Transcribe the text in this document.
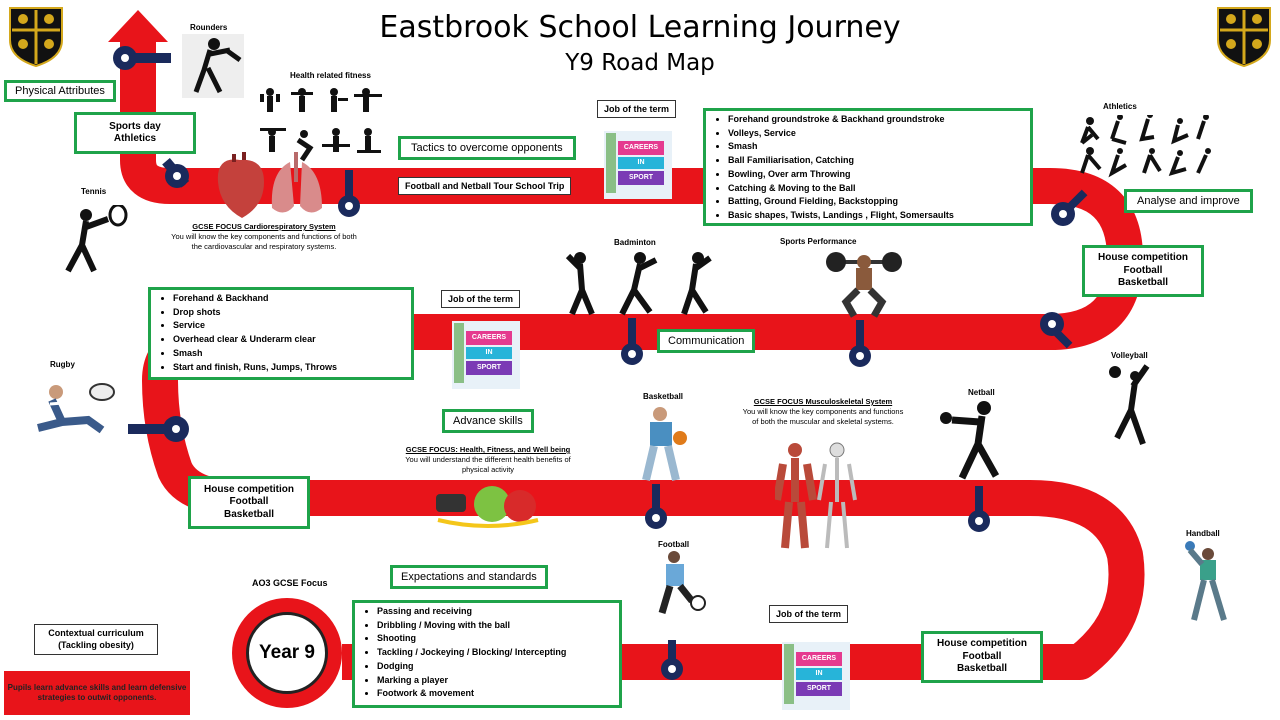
Eastbrook School Learning Journey
Y9 Road Map
Rounders
Health related fitness
Tennis
Athletics
Badminton	Sports Performance
Rugby
Volleyball
Basketball	Netball
Football
Handball
CAREERS
IN
SPORT
CAREERS
IN
SPORT
CAREERS
IN
SPORT
Physical Attributes
Sports day
Athletics
Tactics to overcome opponents
Football and Netball Tour School Trip
Job of the term
Job of the term
Job of the term
• Forehand groundstroke & Backhand groundstroke
• Volleys, Service
• Smash
• Ball Familiarisation, Catching
• Bowling, Over arm Throwing
• Catching & Moving to the Ball
• Batting, Ground Fielding, Backstopping
• Basic shapes, Twists, Landings , Flight, Somersaults
Analyse and improve
House competition
Football
Basketball
• Forehand & Backhand
• Drop shots
• Service
• Overhead clear & Underarm clear
• Smash
• Start and finish, Runs, Jumps, Throws
Communication
Advance skills
House competition
Football
Basketball
Expectations and standards
• Passing and receiving
• Dribbling / Moving with the ball
• Shooting
• Tackling / Jockeying / Blocking/ Intercepting
• Dodging
• Marking a player
• Footwork & movement
House competition
Football
Basketball
GCSE FOCUS Cardiorespiratory System
You will know the key components and functions of both the cardiovascular and respiratory systems.
GCSE FOCUS Musculoskeletal System
You will know the key components and functions of both the muscular and skeletal systems.
GCSE FOCUS: Health, Fitness, and Well being
You will understand the different health benefits of physical activity
AO3 GCSE Focus
Year 9
Contextual curriculum
(Tackling obesity)
Pupils learn advance skills and learn defensive strategies to outwit opponents.
